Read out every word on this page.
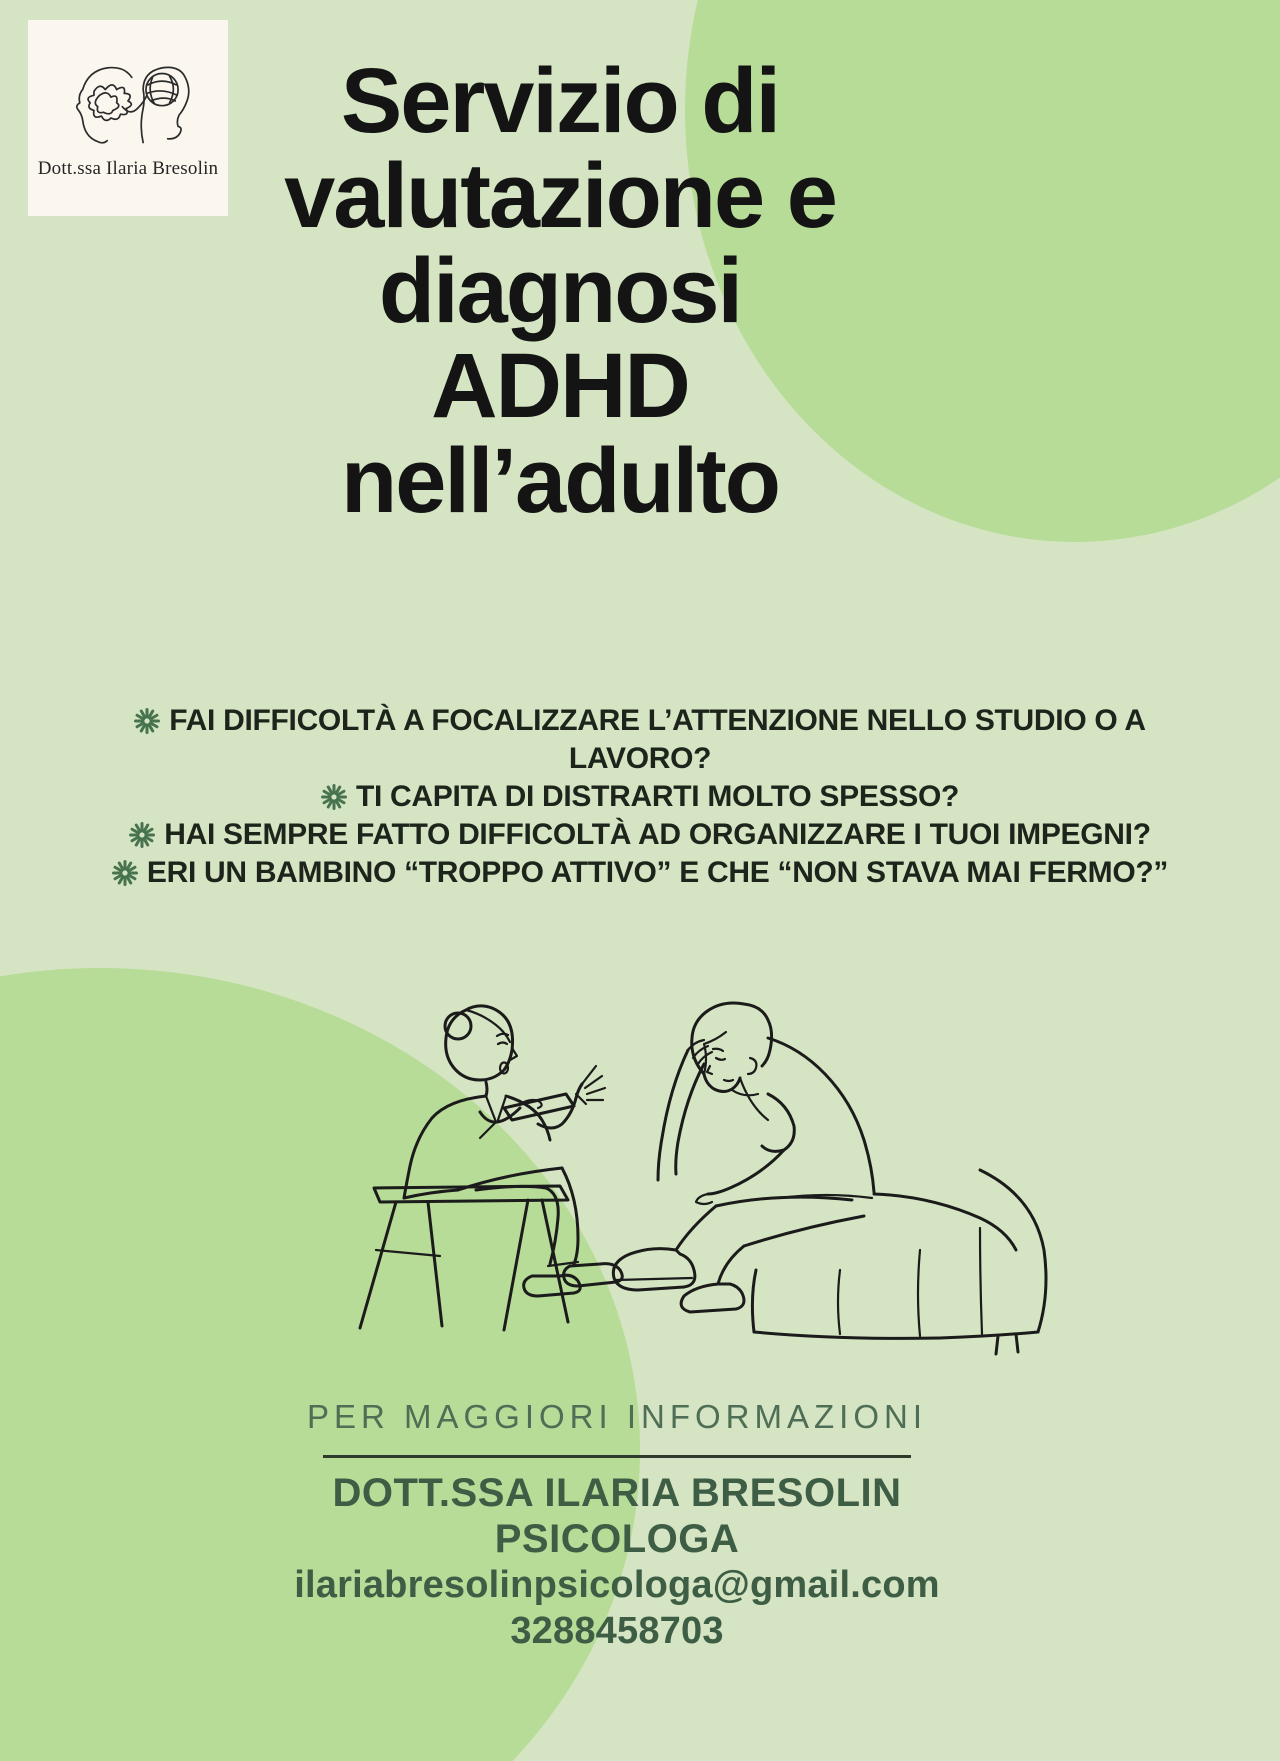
Dott.ssa Ilaria Bresolin
Servizio di
valutazione e
diagnosi
ADHD
nell’adulto
FAI DIFFICOLTÀ A FOCALIZZARE L’ATTENZIONE NELLO STUDIO O A LAVORO?
TI CAPITA DI DISTRARTI MOLTO SPESSO?
HAI SEMPRE FATTO DIFFICOLTÀ AD ORGANIZZARE I TUOI IMPEGNI?
ERI UN BAMBINO “TROPPO ATTIVO” E CHE “NON STAVA MAI FERMO?”
PER MAGGIORI INFORMAZIONI
DOTT.SSA ILARIA BRESOLIN
PSICOLOGA
ilariabresolinpsicologa@gmail.com
3288458703
